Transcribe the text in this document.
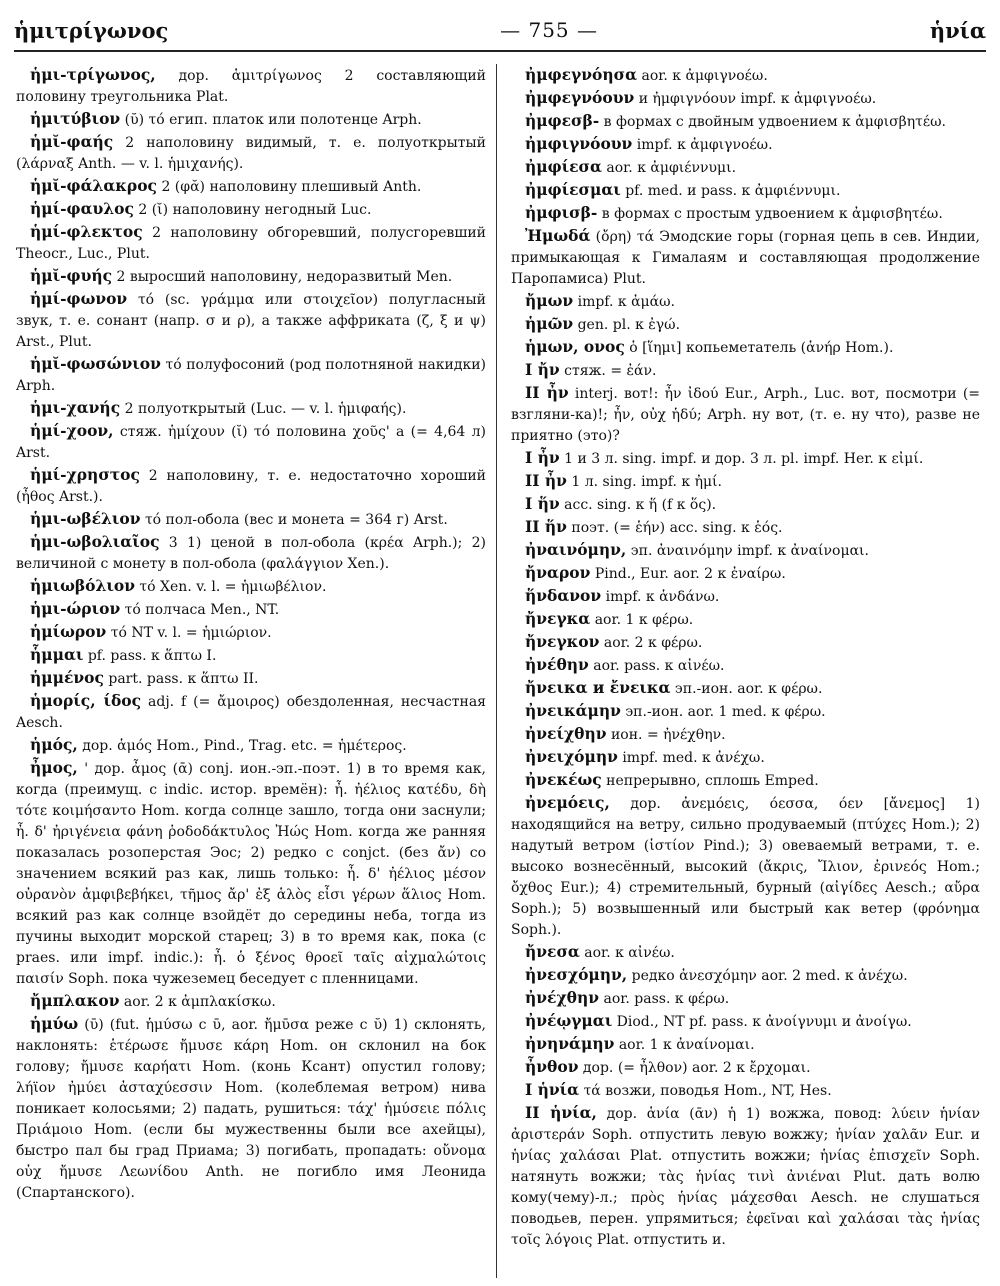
ἡμιτρίγωνος	— 755 —	ἡνία

ἡμι-τρίγωνος, дор. ἁμιτρίγωνος 2 составляющий половину треугольника Plat.

ἡμιτύβιον (ῠ) τό егип. платок или полотенце Arph.

ἡμῐ-φαής 2 наполовину видимый, т. е. полуоткрытый (λάρναξ Anth. — v. l. ἡμιχανής).

ἡμῐ-φάλακρος 2 (φᾰ) наполовину плешивый Anth.

ἡμί-φαυλος 2 (ῐ) наполовину негодный Luc.

ἡμί-φλεκτος 2 наполовину обгоревший, полусгоревший Theocr., Luc., Plut.

ἡμῐ-φυής 2 выросший наполовину, недоразвитый Men.

ἡμί-φωνον τό (sc. γράμμα или στοιχεῖον) полугласный звук, т. е. сонант (напр. σ и ρ), а также аффриката (ζ, ξ и ψ) Arst., Plut.

ἡμῐ-φωσώνιον τό полуфосоний (род полотняной накидки) Arph.

ἡμι-χανής 2 полуоткрытый (Luc. — v. l. ἡμιφαής).

ἡμί-χοον, стяж. ἡμίχουν (ῐ) τό половина χοῦς' а (= 4,64 л) Arst.

ἡμί-χρηστος 2 наполовину, т. е. недостаточно хороший (ἦθος Arst.).

ἡμι-ωβέλιον τό пол-обола (вес и монета = 364 г) Arst.

ἡμι-ωβολιαῖος 3 1) ценой в пол-обола (κρέα Arph.); 2) величиной с монету в пол-обола (φαλάγγιον Xen.).

ἡμιωβόλιον τό Xen. v. l. = ἡμιωβέλιον.

ἡμι-ώριον τό полчаса Men., NT.

ἡμίωρον τό NT v. l. = ἡμιώριον.

ἧμμαι pf. pass. к ἅπτω I.

ἡμμένος part. pass. к ἅπτω II.

ἡμορίς, ίδος adj. f (= ἄμοιρος) обездоленная, несчастная Aesch.

ἡμός, дор. ἁμός Hom., Pind., Trag. etc. = ἡμέτερος.

ἦμος, ' дор. ἆμος (ᾱ) conj. ион.-эп.-поэт. 1) в то время как, когда (преимущ. с indic. истор. времён): ἦ. ἠέλιος κατέδυ, δὴ τότε κοιμήσαντο Hom. когда солнце зашло, тогда они заснули; ἦ. δ' ἠριγένεια φάνη ῥοδοδάκτυλος Ἠώς Hom. когда же ранняя показалась розоперстая Эос; 2) редко с conjct. (без ἄν) со значением всякий раз как, лишь только: ἦ. δ' ἠέλιος μέσον οὐρανὸν ἀμφιβεβήκει, τῆμος ἄρ' ἐξ ἁλὸς εἶσι γέρων ἅλιος Hom. всякий раз как солнце взойдёт до середины неба, тогда из пучины выходит морской старец; 3) в то время как, пока (с praes. или impf. indic.): ἦ. ὁ ξένος θροεῖ ταῖς αἰχμαλώτοις παισίν Soph. пока чужеземец беседует с пленницами.

ἤμπλακον aor. 2 к ἀμπλακίσκω.

ἡμύω (ῡ) (fut. ἡμύσω с ῡ, aor. ἤμῡσα реже с ῠ) 1) склонять, наклонять: ἑτέρωσε ἤμυσε κάρη Hom. он склонил на бок голову; ἤμυσε καρήατι Hom. (конь Ксант) опустил голову; λήϊον ἠμύει ἀσταχύεσσιν Hom. (колеблемая ветром) нива поникает колосьями; 2) падать, рушиться: τάχ' ἡμύσειε πόλις Πριάμοιο Hom. (если бы мужественны были все ахейцы), быстро пал бы град Приама; 3) погибать, пропадать: οὔνομα οὐχ ἤμυσε Λεωνίδου Anth. не погибло имя Леонида (Спартанского).

ἠμφεγνόησα aor. к ἀμφιγνοέω.

ἠμφεγνόουν и ἠμφιγνόουν impf. к ἀμφιγνοέω.

ἠμφεσβ- в формах с двойным удвоением к ἀμφισβητέω.

ἠμφιγνόουν impf. к ἀμφιγνοέω.

ἠμφίεσα aor. к ἀμφιέννυμι.

ἠμφίεσμαι pf. med. и pass. к ἀμφιέννυμι.

ἠμφισβ- в формах с простым удвоением к ἀμφισβητέω.

Ἠμωδά (ὄρη) τά Эмодские горы (горная цепь в сев. Индии, примыкающая к Гималаям и составляющая продолжение Паропамиса) Plut.

ἤμων impf. к ἀμάω.

ἡμῶν gen. pl. к ἐγώ.

ἡμων, ονος ὁ [ἵημι] копьеметатель (ἀνήρ Hom.).

I ἤν стяж. = ἐάν.

II ἦν interj. вот!: ἦν ἰδού Eur., Arph., Luc. вот, посмотри (= взгляни-ка)!; ἦν, οὐχ ἡδύ; Arph. ну вот, (т. е. ну что), разве не приятно (это)?

I ἦν 1 и 3 л. sing. impf. и дор. 3 л. pl. impf. Her. к εἰμί.

II ἦν 1 л. sing. impf. к ἠμί.

I ἥν acc. sing. к ἥ (f к ὅς).

II ἥν поэт. (= ἑήν) acc. sing. к ἑός.

ἠναινόμην, эп. ἀναινόμην impf. к ἀναίνομαι.

ἤναρον Pind., Eur. aor. 2 к ἐναίρω.

ἥνδανον impf. к ἁνδάνω.

ἤνεγκα aor. 1 к φέρω.

ἤνεγκον aor. 2 к φέρω.

ἠνέθην aor. pass. к αἰνέω.

ἤνεικα и ἔνεικα эп.-ион. aor. к φέρω.

ἠνεικάμην эп.-ион. aor. 1 med. к φέρω.

ἠνείχθην ион. = ἠνέχθην.

ἠνειχόμην impf. med. к ἀνέχω.

ἠνεκέως непрерывно, сплошь Emped.

ἠνεμόεις, дор. ἀνεμόεις, όεσσα, όεν [ἄνεμος] 1) находящийся на ветру, сильно продуваемый (πτύχες Hom.); 2) надутый ветром (ἱστίον Pind.); 3) овеваемый ветрами, т. е. высоко вознесённый, высокий (ἄκρις, Ἴλιον, ἐρινεός Hom.; ὄχθος Eur.); 4) стремительный, бурный (αἰγίδες Aesch.; αὔρα Soph.); 5) возвышенный или быстрый как ветер (φρόνημα Soph.).

ἤνεσα aor. к αἰνέω.

ἠνεσχόμην, редко ἀνεσχόμην aor. 2 med. к ἀνέχω.

ἠνέχθην aor. pass. к φέρω.

ἠνέῳγμαι Diod., NT pf. pass. к ἀνοίγνυμι и ἀνοίγω.

ἠνηνάμην aor. 1 к ἀναίνομαι.

ἦνθον дор. (= ἦλθον) aor. 2 к ἔρχομαι.

I ἡνία τά возжи, поводья Hom., NT, Hes.

II ἡνία, дор. ἁνία (ᾱν) ἡ 1) вожжа, повод: λύειν ἡνίαν ἀριστεράν Soph. отпустить левую вожжу; ἡνίαν χαλᾶν Eur. и ἡνίας χαλάσαι Plat. отпустить вожжи; ἡνίας ἐπισχεῖν Soph. натянуть вожжи; τὰς ἡνίας τινὶ ἀνιέναι Plut. дать волю кому(чему)-л.; πρὸς ἡνίας μάχεσθαι Aesch. не слушаться поводьев, перен. упрямиться; ἐφεῖναι καὶ χαλάσαι τὰς ἡνίας τοῖς λόγοις Plat. отпустить и.
